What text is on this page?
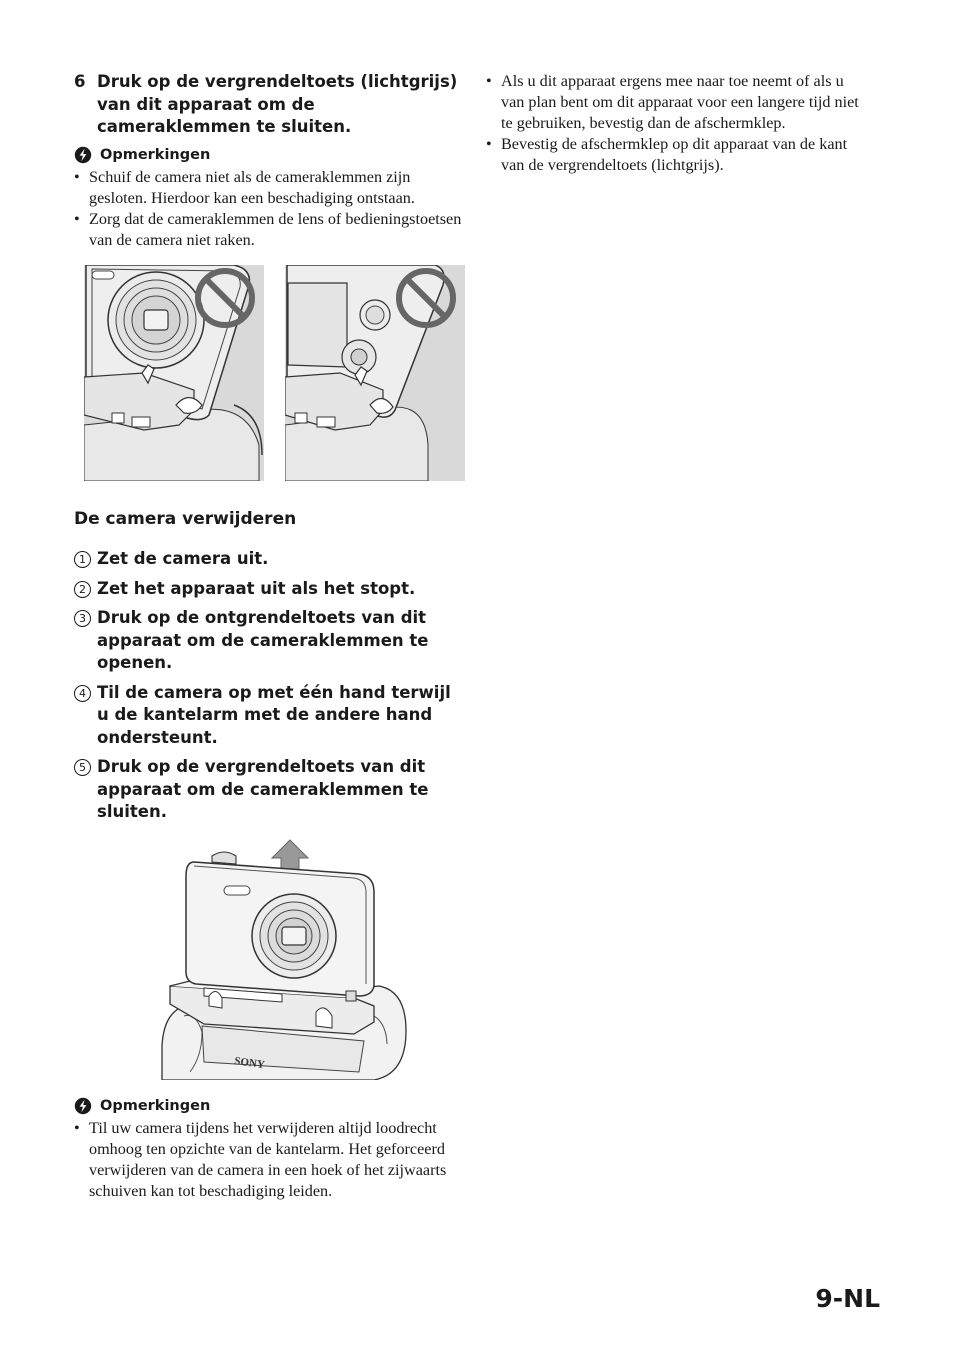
6 Druk op de vergrendeltoets (lichtgrijs) van dit apparaat om de cameraklemmen te sluiten.
Opmerkingen
• Schuif de camera niet als de cameraklemmen zijn gesloten. Hierdoor kan een beschadiging ontstaan.
• Zorg dat de cameraklemmen de lens of bedieningstoetsen van de camera niet raken.
De camera verwijderen
1 Zet de camera uit.
2 Zet het apparaat uit als het stopt.
3 Druk op de ontgrendeltoets van dit apparaat om de cameraklemmen te openen.
4 Til de camera op met één hand terwijl u de kantelarm met de andere hand ondersteunt.
5 Druk op de vergrendeltoets van dit apparaat om de cameraklemmen te sluiten.
SONY
Opmerkingen
• Til uw camera tijdens het verwijderen altijd loodrecht omhoog ten opzichte van de kantelarm. Het geforceerd verwijderen van de camera in een hoek of het zijwaarts schuiven kan tot beschadiging leiden.
• Als u dit apparaat ergens mee naar toe neemt of als u van plan bent om dit apparaat voor een langere tijd niet te gebruiken, bevestig dan de afschermklep.
• Bevestig de afschermklep op dit apparaat van de kant van de vergrendeltoets (lichtgrijs).
9-NL
